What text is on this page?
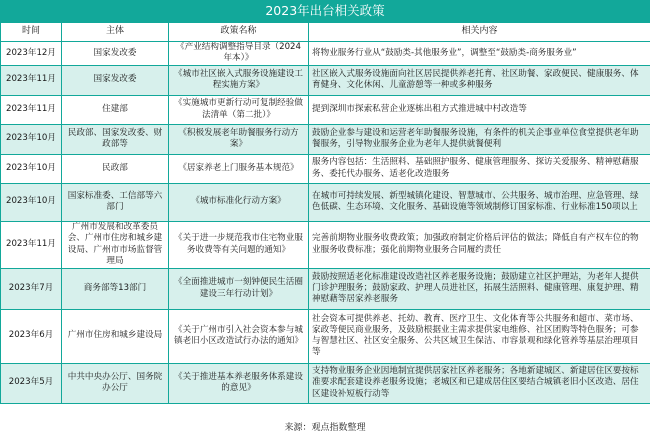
2023年出台相关政策
时间	主体	政策名称	相关内容
2023年12月	国家发改委	《产业结构调整指导目录（2024年本）》	将物业服务行业从“鼓励类-其他服务业”，调整至“鼓励类-商务服务业”
2023年11月	国家发改委	《城市社区嵌入式服务设施建设工程实施方案》	社区嵌入式服务设施面向社区居民提供养老托育、社区助餐、家政便民、健康服务、体育健身、文化休闲、儿童游憩等一种或多种服务
2023年11月	住建部	《实施城市更新行动可复制经验做法清单（第二批）》	提到深圳市探索私营企业逐栋出租方式推进城中村改造等
2023年10月	民政部、国家发改委、财政部等	《积极发展老年助餐服务行动方案》	鼓励企业参与建设和运营老年助餐服务设施，有条件的机关企事业单位食堂提供老年助餐服务，引导物业服务企业为老年人提供就餐便利
2023年10月	民政部	《居家养老上门服务基本规范》	服务内容包括：生活照料、基础照护服务、健康管理服务、探访关爱服务、精神慰藉服务、委托代办服务、适老化改造服务
2023年10月	国家标准委、工信部等六部门	《城市标准化行动方案》	在城市可持续发展、新型城镇化建设、智慧城市、公共服务、城市治理、应急管理、绿色低碳、生态环境、文化服务、基础设施等领域制修订国家标准、行业标准150项以上
2023年11月	广州市发展和改革委员会、广州市住房和城乡建设局、广州市市场监督管理局	《关于进一步规范我市住宅物业服务收费等有关问题的通知》	完善前期物业服务收费政策；加强政府制定价格后评估的做法；降低自有产权车位的物业服务收费标准；强化前期物业服务合同履约责任
2023年7月	商务部等13部门	《全面推进城市一刻钟便民生活圈建设三年行动计划》	鼓励按照适老化标准建设改造社区养老服务设施；鼓励建立社区护理站，为老年人提供门诊护理服务；鼓励家政、护理人员进社区，拓展生活照料、健康管理、康复护理、精神慰藉等居家养老服务
2023年6月	广州市住房和城乡建设局	《关于广州市引入社会资本参与城镇老旧小区改造试行办法的通知》	社会资本可提供养老、托幼、教育、医疗卫生、文化体育等公共服务和超市、菜市场、家政等便民商业服务，及鼓励根据业主需求提供家电维修、社区团购等特色服务；可参与智慧社区、社区安全服务、公共区域卫生保洁、市容景观和绿化管养等基层治理项目等
2023年5月	中共中央办公厅、国务院办公厅	《关于推进基本养老服务体系建设的意见》	支持物业服务企业因地制宜提供居家社区养老服务；各地新建城区、新建居住区要按标准要求配套建设养老服务设施；老城区和已建成居住区要结合城镇老旧小区改造、居住区建设补短板行动等
来源：观点指数整理
